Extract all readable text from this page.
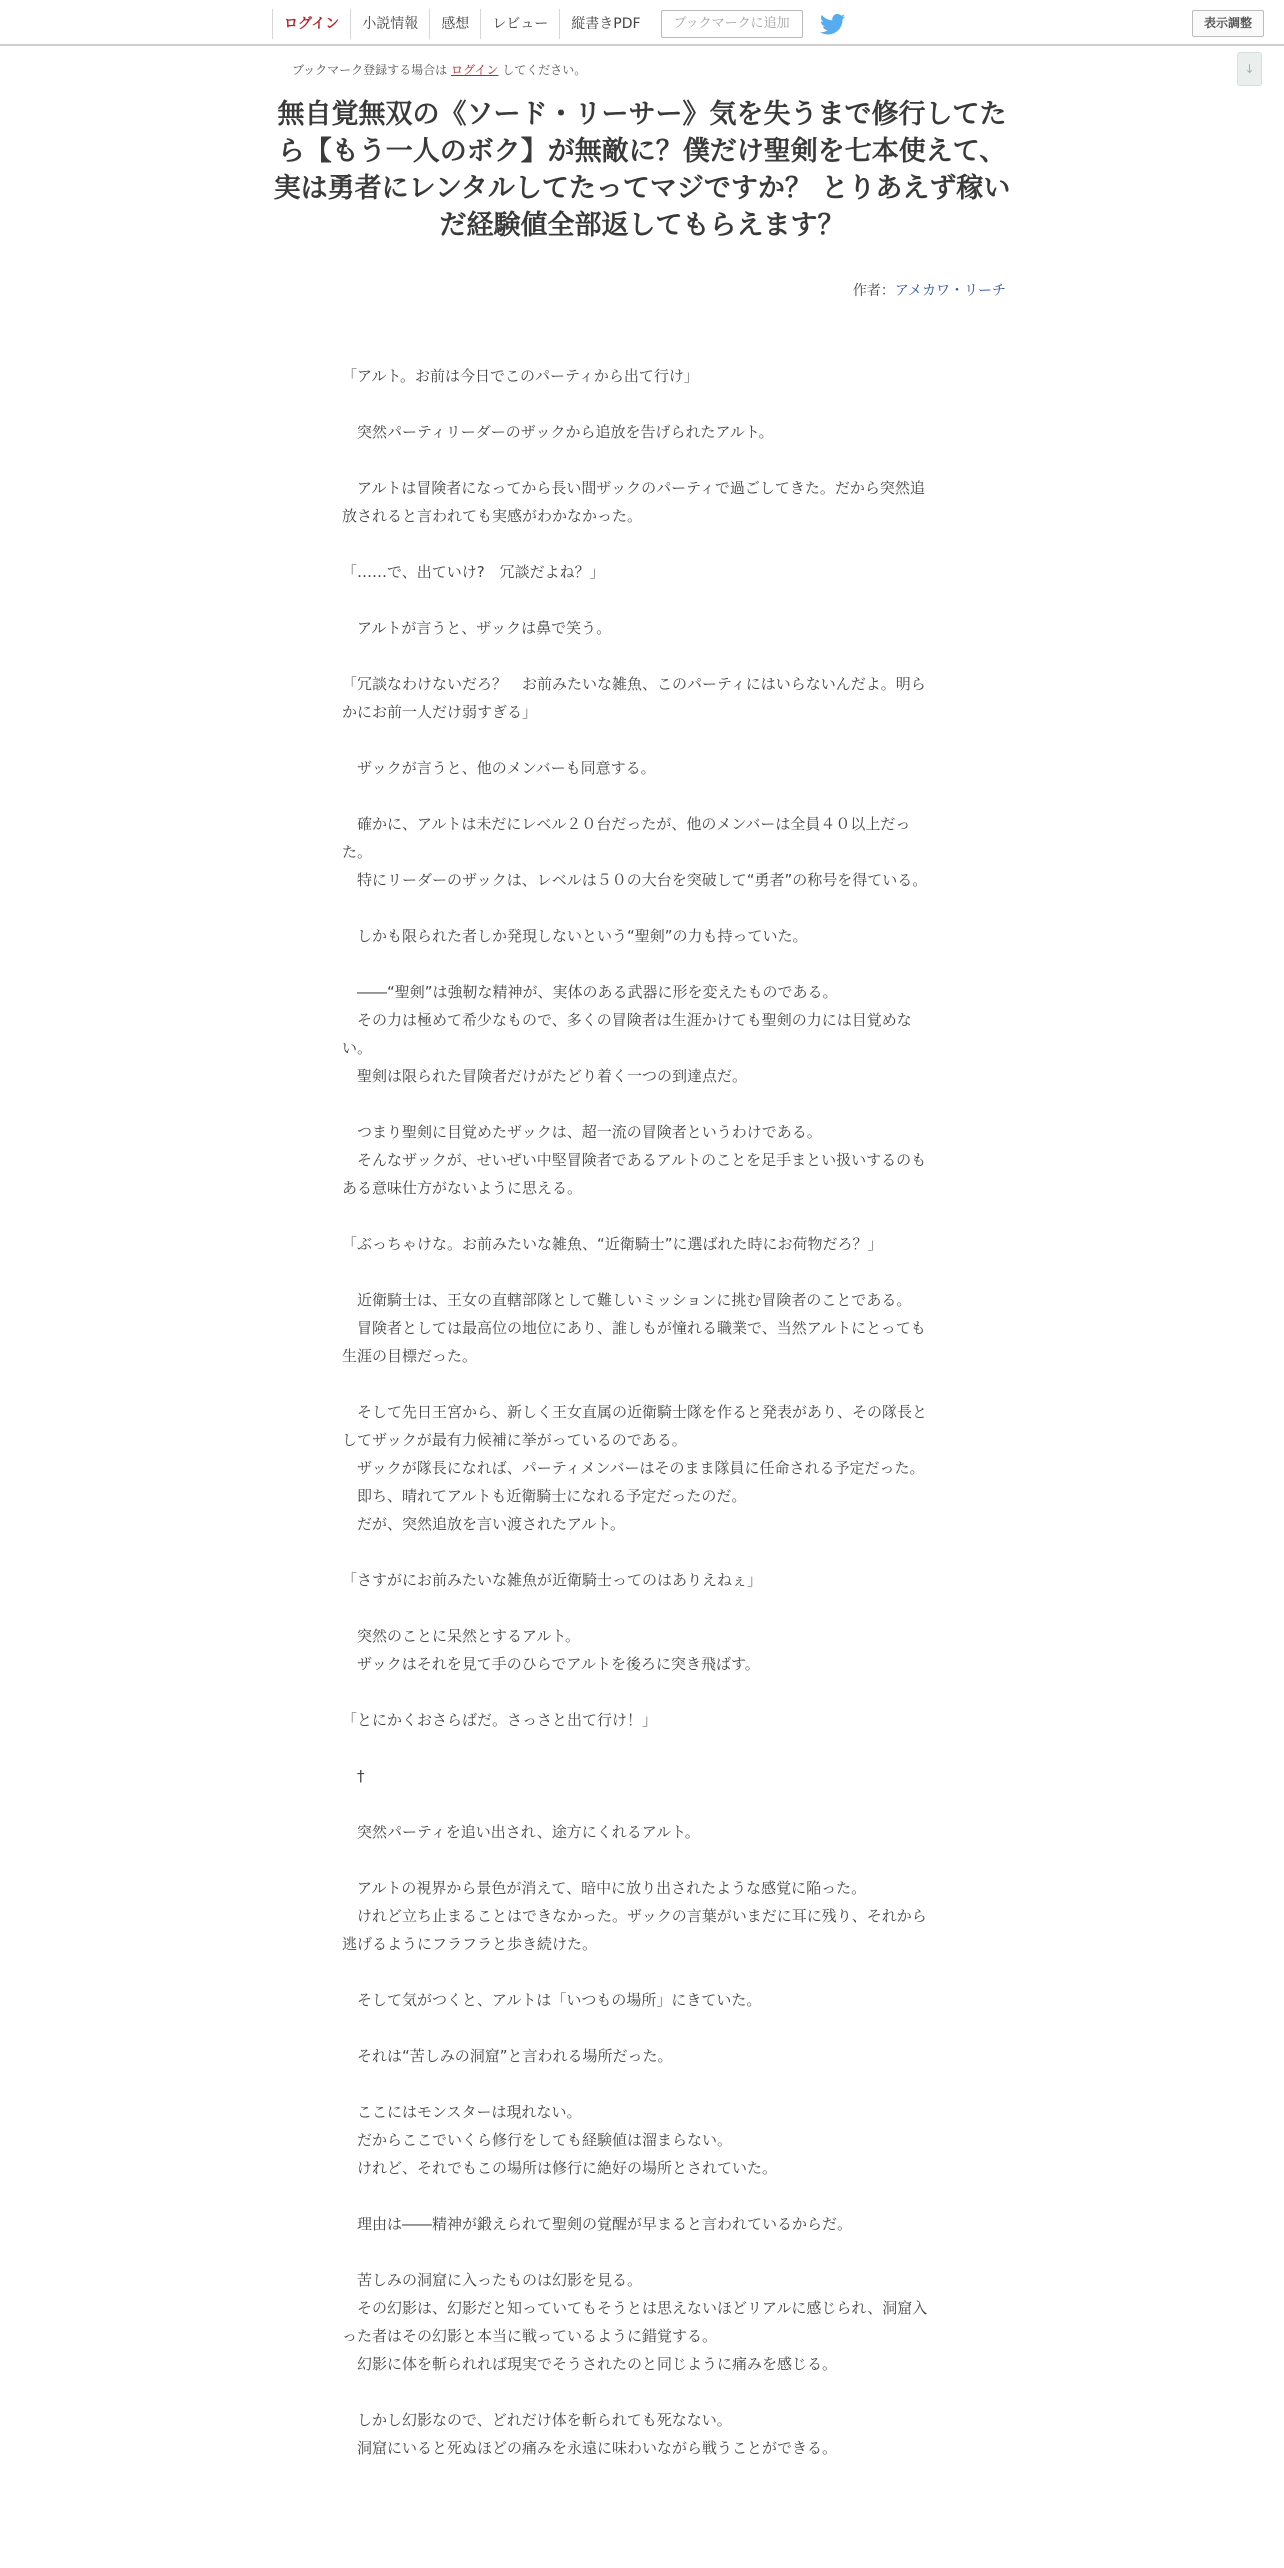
ログイン	小説情報	感想	レビュー	縦書きPDF	ブックマークに追加	表示調整
↓
ブックマーク登録する場合は ログイン してください。
無自覚無双の《ソード・リーサー》気を失うまで修行してたら【もう一人のボク】が無敵に？僕だけ聖剣を七本使えて、実は勇者にレンタルしてたってマジですか？ とりあえず稼いだ経験値全部返してもらえます？
作者：アメカワ・リーチ

「アルト。お前は今日でこのパーティから出て行け」

　突然パーティリーダーのザックから追放を告げられたアルト。

　アルトは冒険者になってから長い間ザックのパーティで過ごしてきた。だから突然追放されると言われても実感がわかなかった。

「……で、出ていけ?　冗談だよね？」

　アルトが言うと、ザックは鼻で笑う。

「冗談なわけないだろ？　お前みたいな雑魚、このパーティにはいらないんだよ。明らかにお前一人だけ弱すぎる」

　ザックが言うと、他のメンバーも同意する。

　確かに、アルトは未だにレベル２０台だったが、他のメンバーは全員４０以上だった。

　特にリーダーのザックは、レベルは５０の大台を突破して“勇者”の称号を得ている。

　しかも限られた者しか発現しないという“聖剣”の力も持っていた。

　――“聖剣”は強靭な精神が、実体のある武器に形を変えたものである。

　その力は極めて希少なもので、多くの冒険者は生涯かけても聖剣の力には目覚めない。

　聖剣は限られた冒険者だけがたどり着く一つの到達点だ。

　つまり聖剣に目覚めたザックは、超一流の冒険者というわけである。

　そんなザックが、せいぜい中堅冒険者であるアルトのことを足手まとい扱いするのもある意味仕方がないように思える。

「ぶっちゃけな。お前みたいな雑魚、“近衛騎士”に選ばれた時にお荷物だろ？」

　近衛騎士は、王女の直轄部隊として難しいミッションに挑む冒険者のことである。

　冒険者としては最高位の地位にあり、誰しもが憧れる職業で、当然アルトにとっても生涯の目標だった。

　そして先日王宮から、新しく王女直属の近衛騎士隊を作ると発表があり、その隊長としてザックが最有力候補に挙がっているのである。

　ザックが隊長になれば、パーティメンバーはそのまま隊員に任命される予定だった。

　即ち、晴れてアルトも近衛騎士になれる予定だったのだ。

　だが、突然追放を言い渡されたアルト。

「さすがにお前みたいな雑魚が近衛騎士ってのはありえねぇ」

　突然のことに呆然とするアルト。

　ザックはそれを見て手のひらでアルトを後ろに突き飛ばす。

「とにかくおさらばだ。さっさと出て行け！」

　†

　突然パーティを追い出され、途方にくれるアルト。

　アルトの視界から景色が消えて、暗中に放り出されたような感覚に陥った。

　けれど立ち止まることはできなかった。ザックの言葉がいまだに耳に残り、それから逃げるようにフラフラと歩き続けた。

　そして気がつくと、アルトは「いつもの場所」にきていた。

　それは“苦しみの洞窟”と言われる場所だった。

　ここにはモンスターは現れない。

　だからここでいくら修行をしても経験値は溜まらない。

　けれど、それでもこの場所は修行に絶好の場所とされていた。

　理由は――精神が鍛えられて聖剣の覚醒が早まると言われているからだ。

　苦しみの洞窟に入ったものは幻影を見る。

　その幻影は、幻影だと知っていてもそうとは思えないほどリアルに感じられ、洞窟入った者はその幻影と本当に戦っているように錯覚する。

　幻影に体を斬られれば現実でそうされたのと同じように痛みを感じる。

　しかし幻影なので、どれだけ体を斬られても死なない。

　洞窟にいると死ぬほどの痛みを永遠に味わいながら戦うことができる。
